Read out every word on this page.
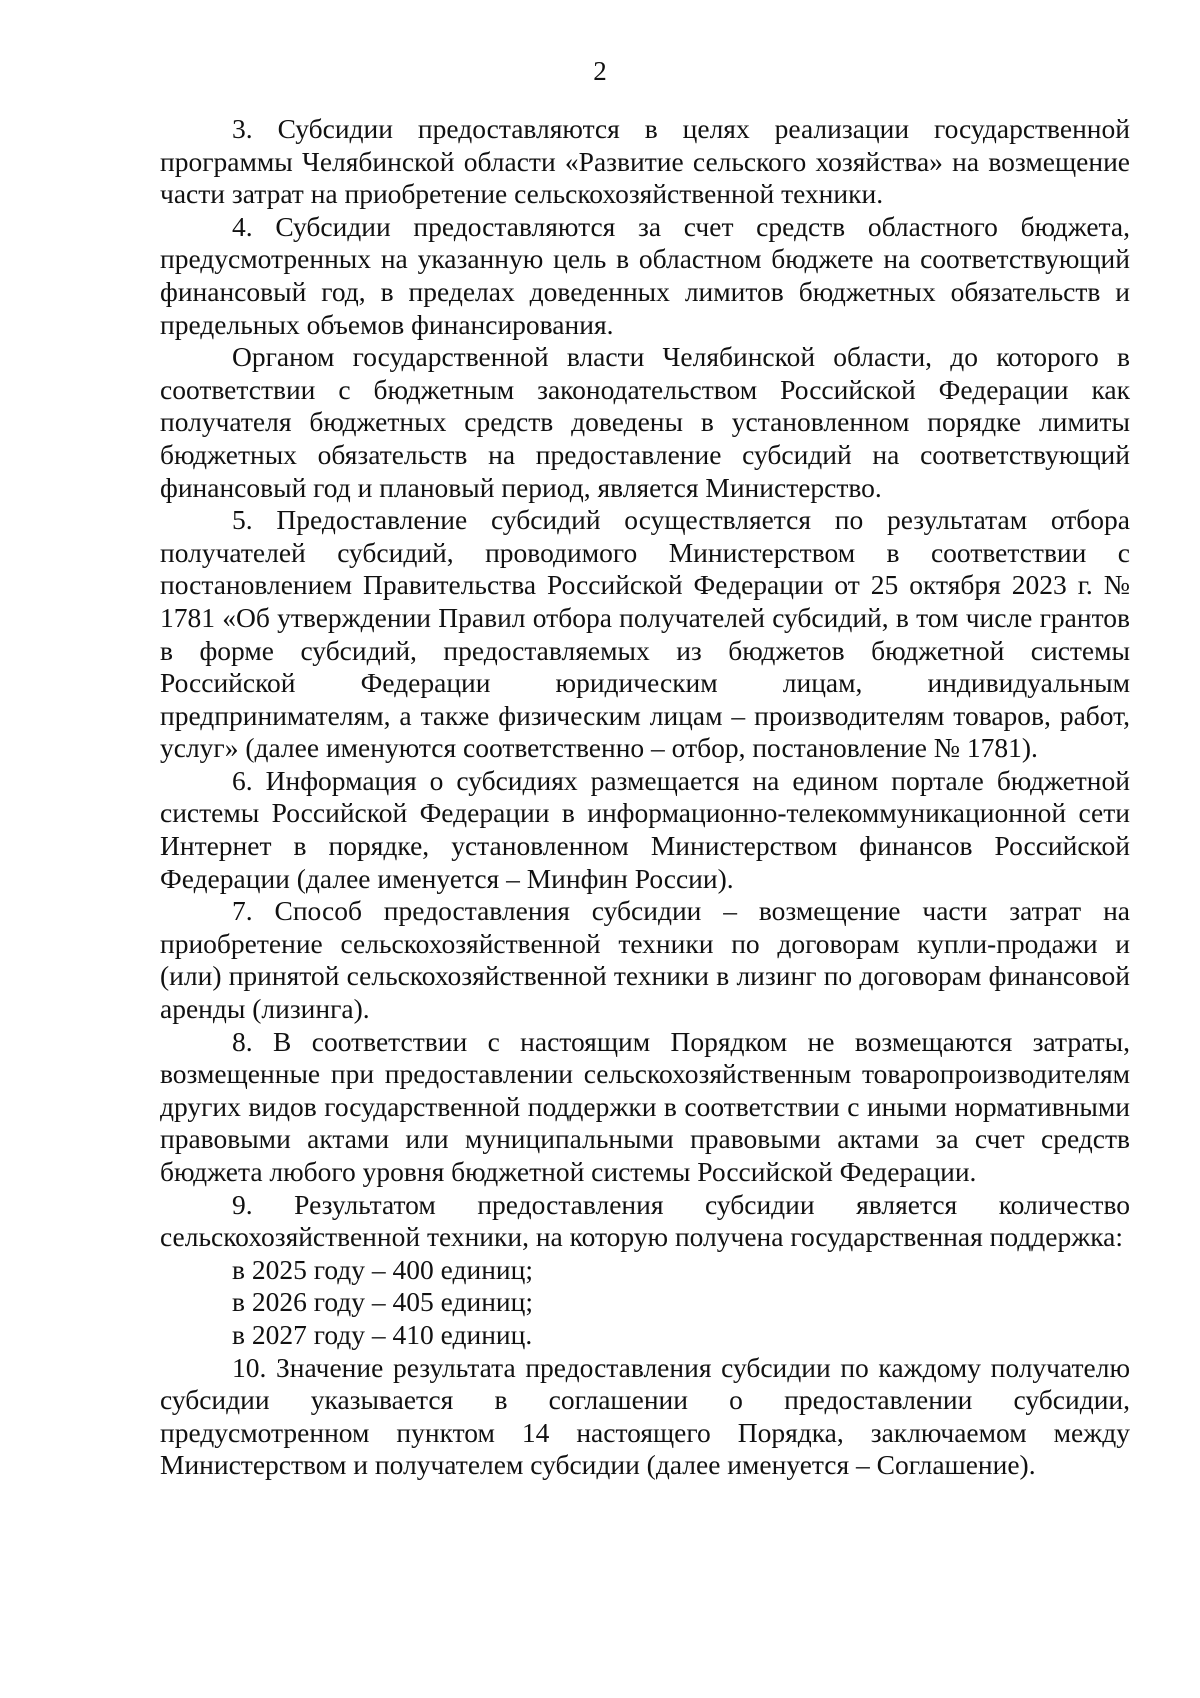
2

3. Субсидии предоставляются в целях реализации государственной программы Челябинской области «Развитие сельского хозяйства» на возмещение части затрат на приобретение сельскохозяйственной техники.

4. Субсидии предоставляются за счет средств областного бюджета, предусмотренных на указанную цель в областном бюджете на соответствующий финансовый год, в пределах доведенных лимитов бюджетных обязательств и предельных объемов финансирования.

Органом государственной власти Челябинской области, до которого в соответствии с бюджетным законодательством Российской Федерации как получателя бюджетных средств доведены в установленном порядке лимиты бюджетных обязательств на предоставление субсидий на соответствующий финансовый год и плановый период, является Министерство.

5. Предоставление субсидий осуществляется по результатам отбора получателей субсидий, проводимого Министерством в соответствии с постановлением Правительства Российской Федерации от 25 октября 2023 г. № 1781 «Об утверждении Правил отбора получателей субсидий, в том числе грантов в форме субсидий, предоставляемых из бюджетов бюджетной системы Российской Федерации юридическим лицам, индивидуальным предпринимателям, а также физическим лицам – производителям товаров, работ, услуг» (далее именуются соответственно – отбор, постановление № 1781).

6. Информация о субсидиях размещается на едином портале бюджетной системы Российской Федерации в информационно-телекоммуникационной сети Интернет в порядке, установленном Министерством финансов Российской Федерации (далее именуется – Минфин России).

7. Способ предоставления субсидии – возмещение части затрат на приобретение сельскохозяйственной техники по договорам купли-продажи и (или) принятой сельскохозяйственной техники в лизинг по договорам финансовой аренды (лизинга).

8. В соответствии с настоящим Порядком не возмещаются затраты, возмещенные при предоставлении сельскохозяйственным товаропроизводителям других видов государственной поддержки в соответствии с иными нормативными правовыми актами или муниципальными правовыми актами за счет средств бюджета любого уровня бюджетной системы Российской Федерации.

9. Результатом предоставления субсидии является количество сельскохозяйственной техники, на которую получена государственная поддержка:

в 2025 году – 400 единиц;

в 2026 году – 405 единиц;

в 2027 году – 410 единиц.

10. Значение результата предоставления субсидии по каждому получателю субсидии указывается в соглашении о предоставлении субсидии, предусмотренном пунктом 14 настоящего Порядка, заключаемом между Министерством и получателем субсидии (далее именуется – Соглашение).
